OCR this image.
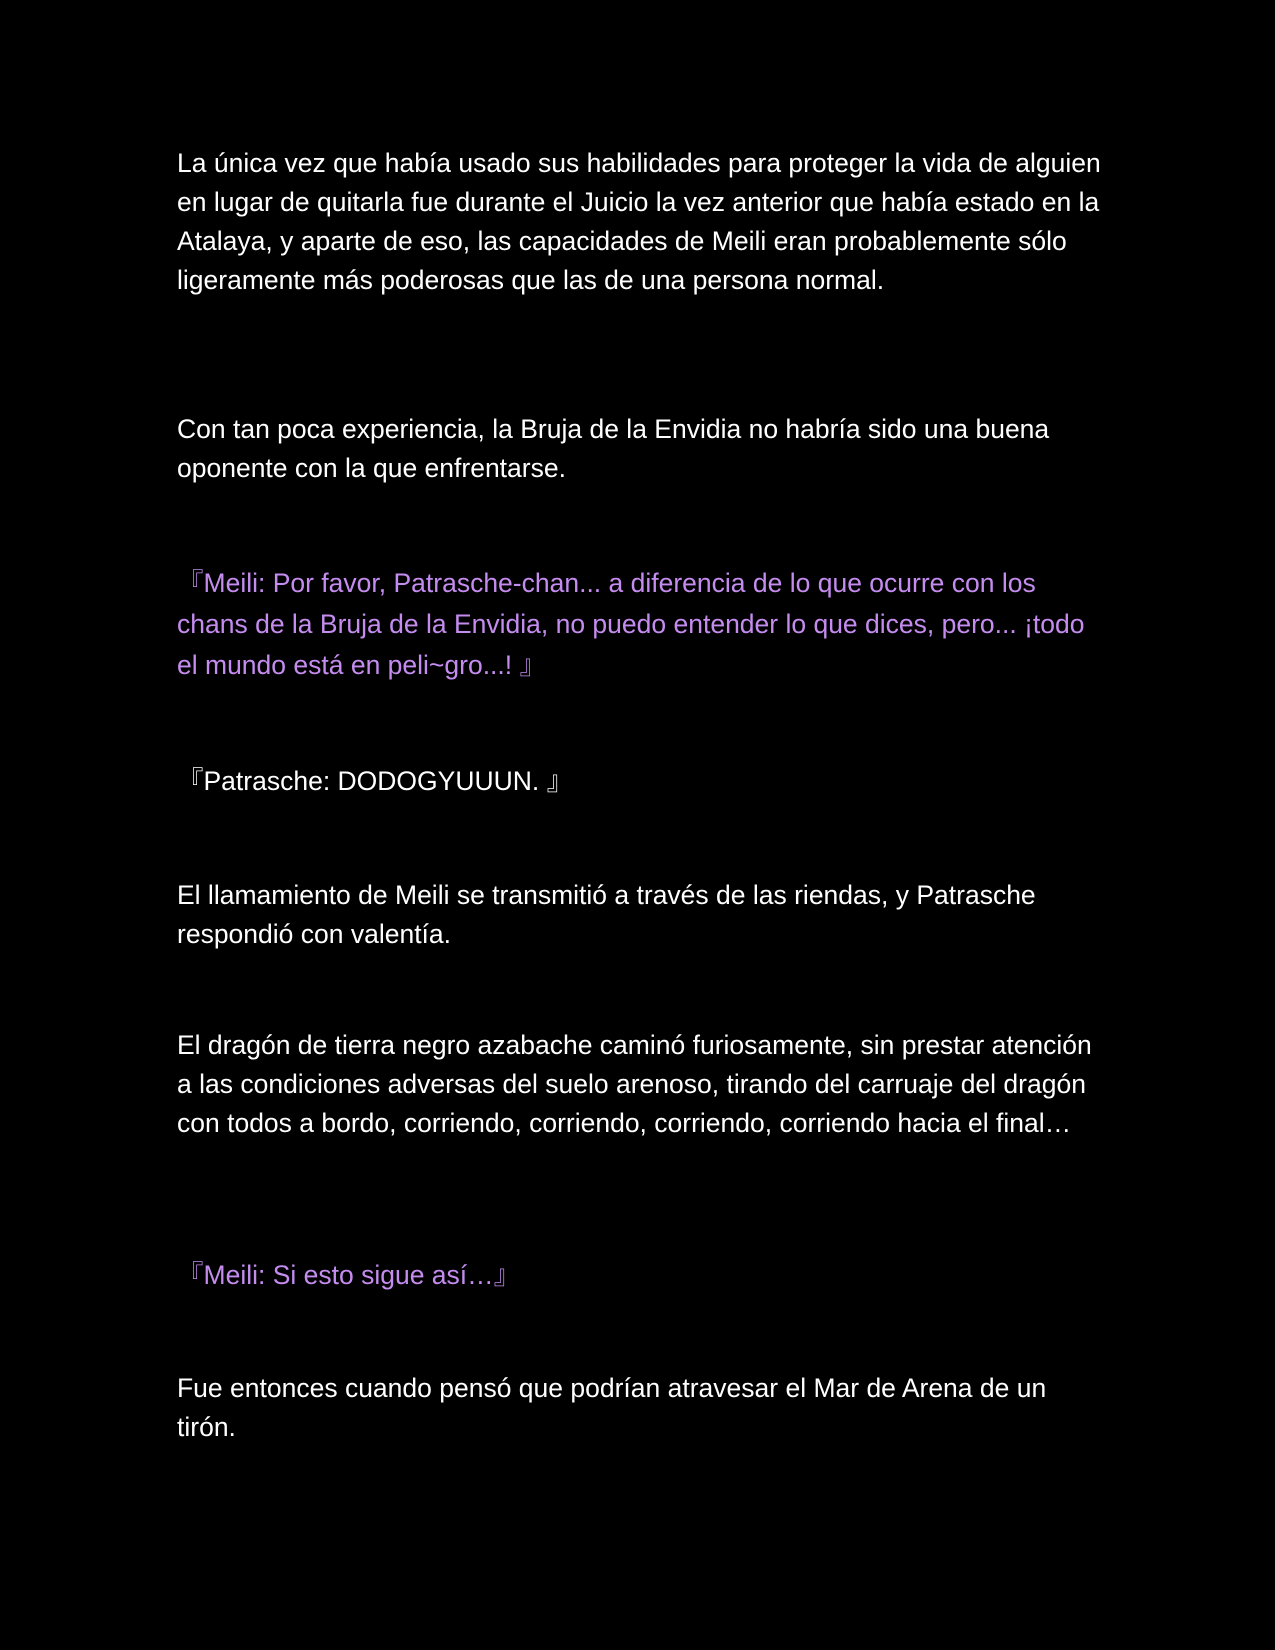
La única vez que había usado sus habilidades para proteger la vida de alguien en lugar de quitarla fue durante el Juicio la vez anterior que había estado en la Atalaya, y aparte de eso, las capacidades de Meili eran probablemente sólo ligeramente más poderosas que las de una persona normal.

Con tan poca experiencia, la Bruja de la Envidia no habría sido una buena oponente con la que enfrentarse.

『Meili: Por favor, Patrasche-chan... a diferencia de lo que ocurre con los chans de la Bruja de la Envidia, no puedo entender lo que dices, pero... ¡todo el mundo está en peli~gro...! 』

『Patrasche: DODOGYUUUN. 』

El llamamiento de Meili se transmitió a través de las riendas, y Patrasche respondió con valentía.

El dragón de tierra negro azabache caminó furiosamente, sin prestar atención a las condiciones adversas del suelo arenoso, tirando del carruaje del dragón con todos a bordo, corriendo, corriendo, corriendo, corriendo hacia el final…

『Meili: Si esto sigue así…』

Fue entonces cuando pensó que podrían atravesar el Mar de Arena de un tirón.
